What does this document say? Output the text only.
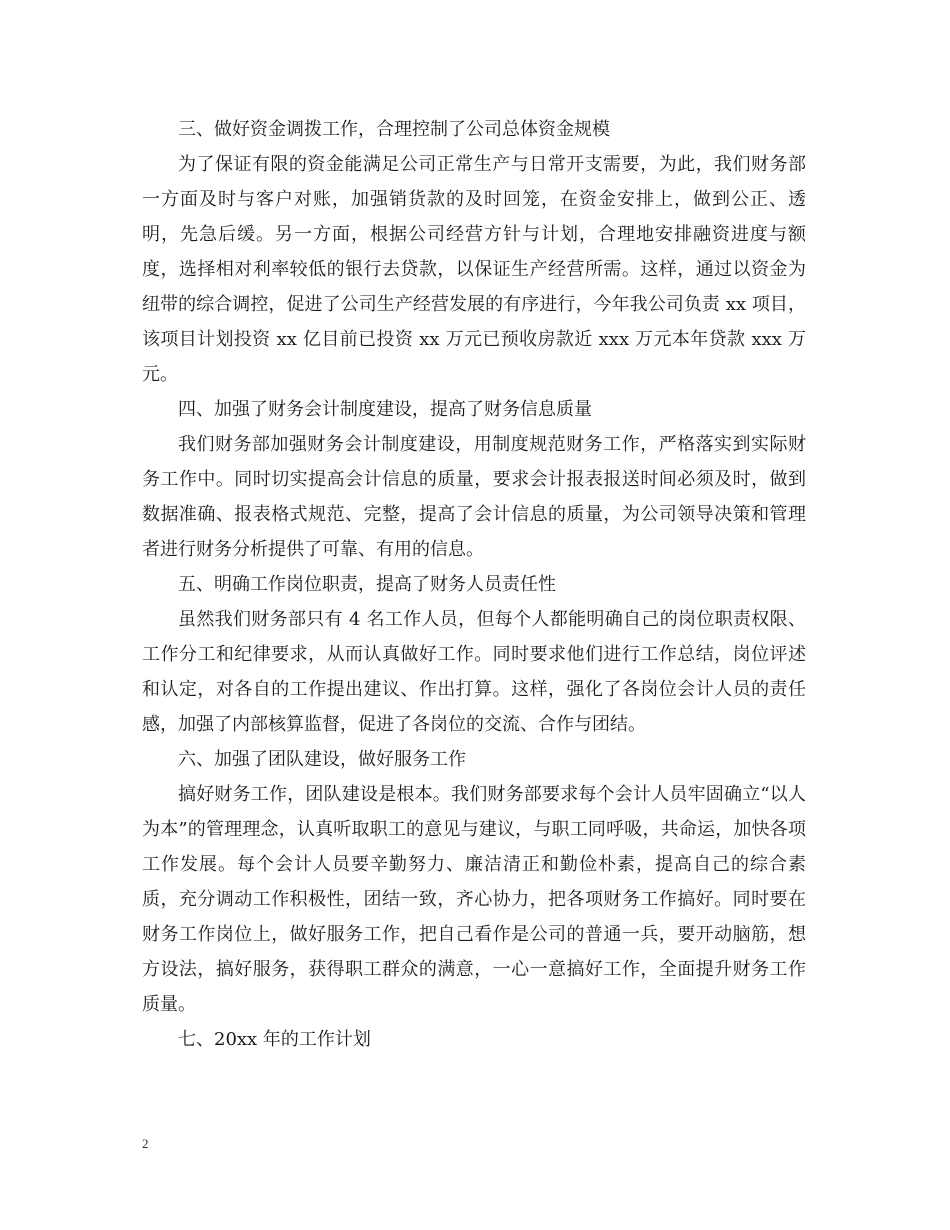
三、做好资金调拨工作，合理控制了公司总体资金规模

为了保证有限的资金能满足公司正常生产与日常开支需要，为此，我们财务部一方面及时与客户对账，加强销货款的及时回笼，在资金安排上，做到公正、透明，先急后缓。另一方面，根据公司经营方针与计划，合理地安排融资进度与额度，选择相对利率较低的银行去贷款，以保证生产经营所需。这样，通过以资金为纽带的综合调控，促进了公司生产经营发展的有序进行，今年我公司负责 xx 项目，该项目计划投资 xx 亿目前已投资 xx 万元已预收房款近 xxx 万元本年贷款 xxx 万元。

四、加强了财务会计制度建设，提高了财务信息质量

我们财务部加强财务会计制度建设，用制度规范财务工作，严格落实到实际财务工作中。同时切实提高会计信息的质量，要求会计报表报送时间必须及时，做到数据准确、报表格式规范、完整，提高了会计信息的质量，为公司领导决策和管理者进行财务分析提供了可靠、有用的信息。

五、明确工作岗位职责，提高了财务人员责任性

虽然我们财务部只有 4 名工作人员，但每个人都能明确自己的岗位职责权限、工作分工和纪律要求，从而认真做好工作。同时要求他们进行工作总结，岗位评述和认定，对各自的工作提出建议、作出打算。这样，强化了各岗位会计人员的责任感，加强了内部核算监督，促进了各岗位的交流、合作与团结。

六、加强了团队建设，做好服务工作

搞好财务工作，团队建设是根本。我们财务部要求每个会计人员牢固确立“以人为本”的管理理念，认真听取职工的意见与建议，与职工同呼吸，共命运，加快各项工作发展。每个会计人员要辛勤努力、廉洁清正和勤俭朴素，提高自己的综合素质，充分调动工作积极性，团结一致，齐心协力，把各项财务工作搞好。同时要在财务工作岗位上，做好服务工作，把自己看作是公司的普通一兵，要开动脑筋，想方设法，搞好服务，获得职工群众的满意，一心一意搞好工作，全面提升财务工作质量。

七、20xx 年的工作计划

2
